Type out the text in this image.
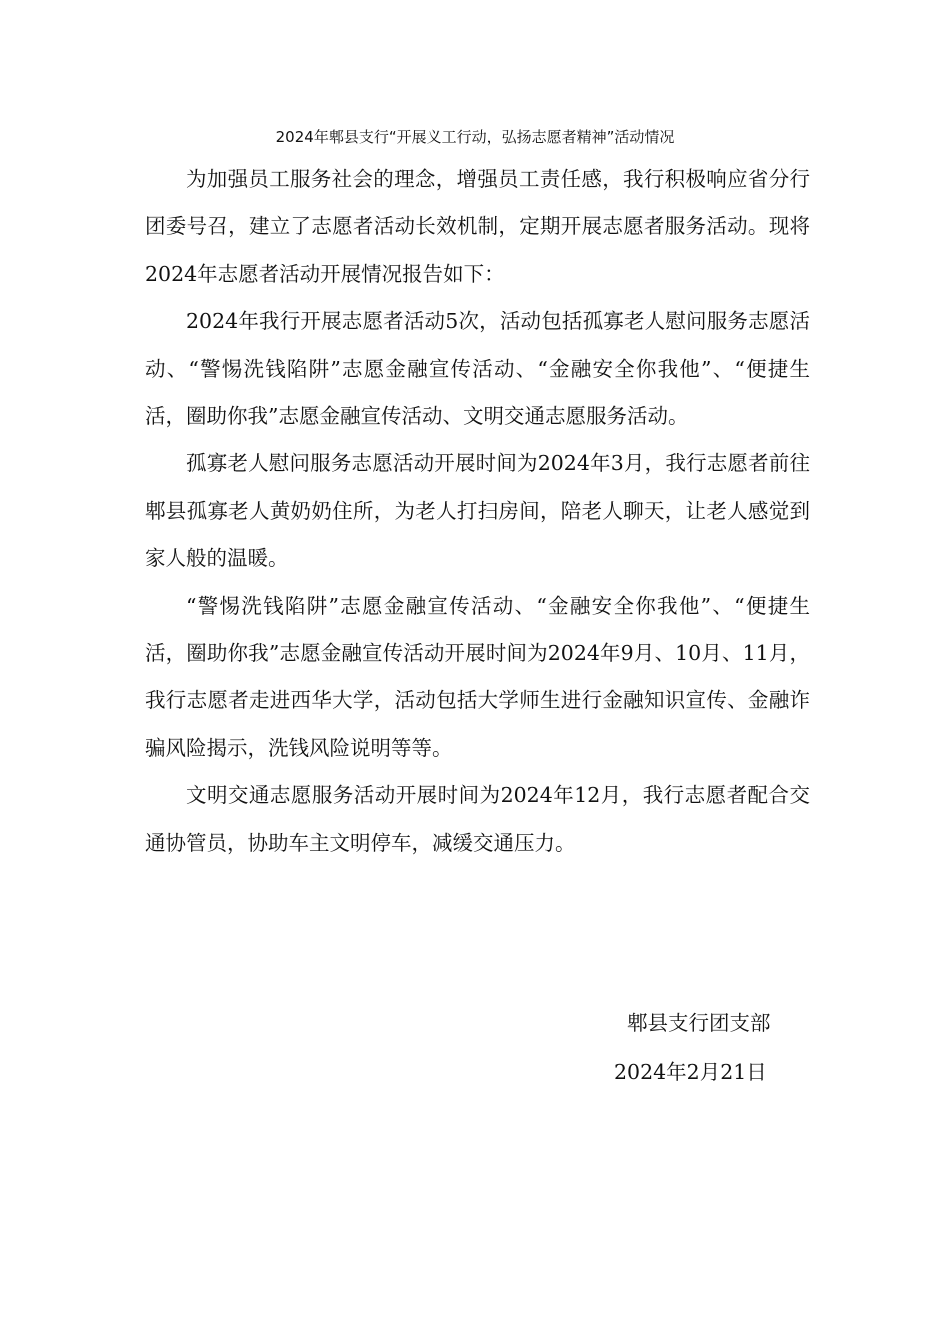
2024年郫县支行“开展义工行动，弘扬志愿者精神”活动情况

为加强员工服务社会的理念，增强员工责任感，我行积极响应省分行团委号召，建立了志愿者活动长效机制，定期开展志愿者服务活动。现将2024年志愿者活动开展情况报告如下：

2024年我行开展志愿者活动5次，活动包括孤寡老人慰问服务志愿活动、“警惕洗钱陷阱”志愿金融宣传活动、“金融安全你我他”、“便捷生活，圈助你我”志愿金融宣传活动、文明交通志愿服务活动。

孤寡老人慰问服务志愿活动开展时间为2024年3月，我行志愿者前往郫县孤寡老人黄奶奶住所，为老人打扫房间，陪老人聊天，让老人感觉到家人般的温暖。

“警惕洗钱陷阱”志愿金融宣传活动、“金融安全你我他”、“便捷生活，圈助你我”志愿金融宣传活动开展时间为2024年9月、10月、11月，我行志愿者走进西华大学，活动包括大学师生进行金融知识宣传、金融诈骗风险揭示，洗钱风险说明等等。

文明交通志愿服务活动开展时间为2024年12月，我行志愿者配合交通协管员，协助车主文明停车，减缓交通压力。

郫县支行团支部
2024年2月21日
